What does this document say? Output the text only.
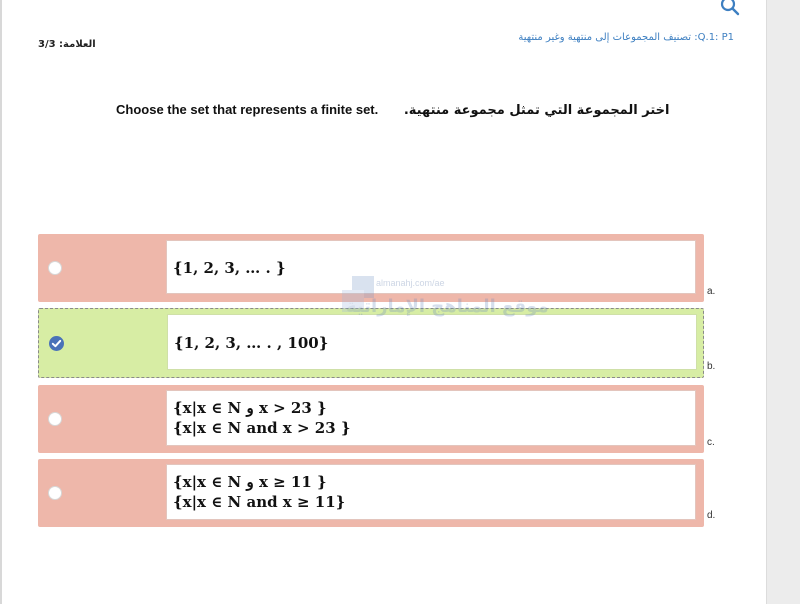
Q.1: P1: تصنيف المجموعات إلى منتهية وغير منتهية
العلامة: 3/3
Choose the set that represents a finite set. اختر المجموعة التي تمثل مجموعة منتهية.
{1, 2, 3, … . }
a.
{1, 2, 3, … . , 100}
b.
{x|x ∈ N و x > 23 }
{x|x ∈ N and x > 23 }
c.
{x|x ∈ N و x ≥ 11 }
{x|x ∈ N and x ≥ 11}
d.
almanahj.com/ae
موقع المناهج الإماراتية
